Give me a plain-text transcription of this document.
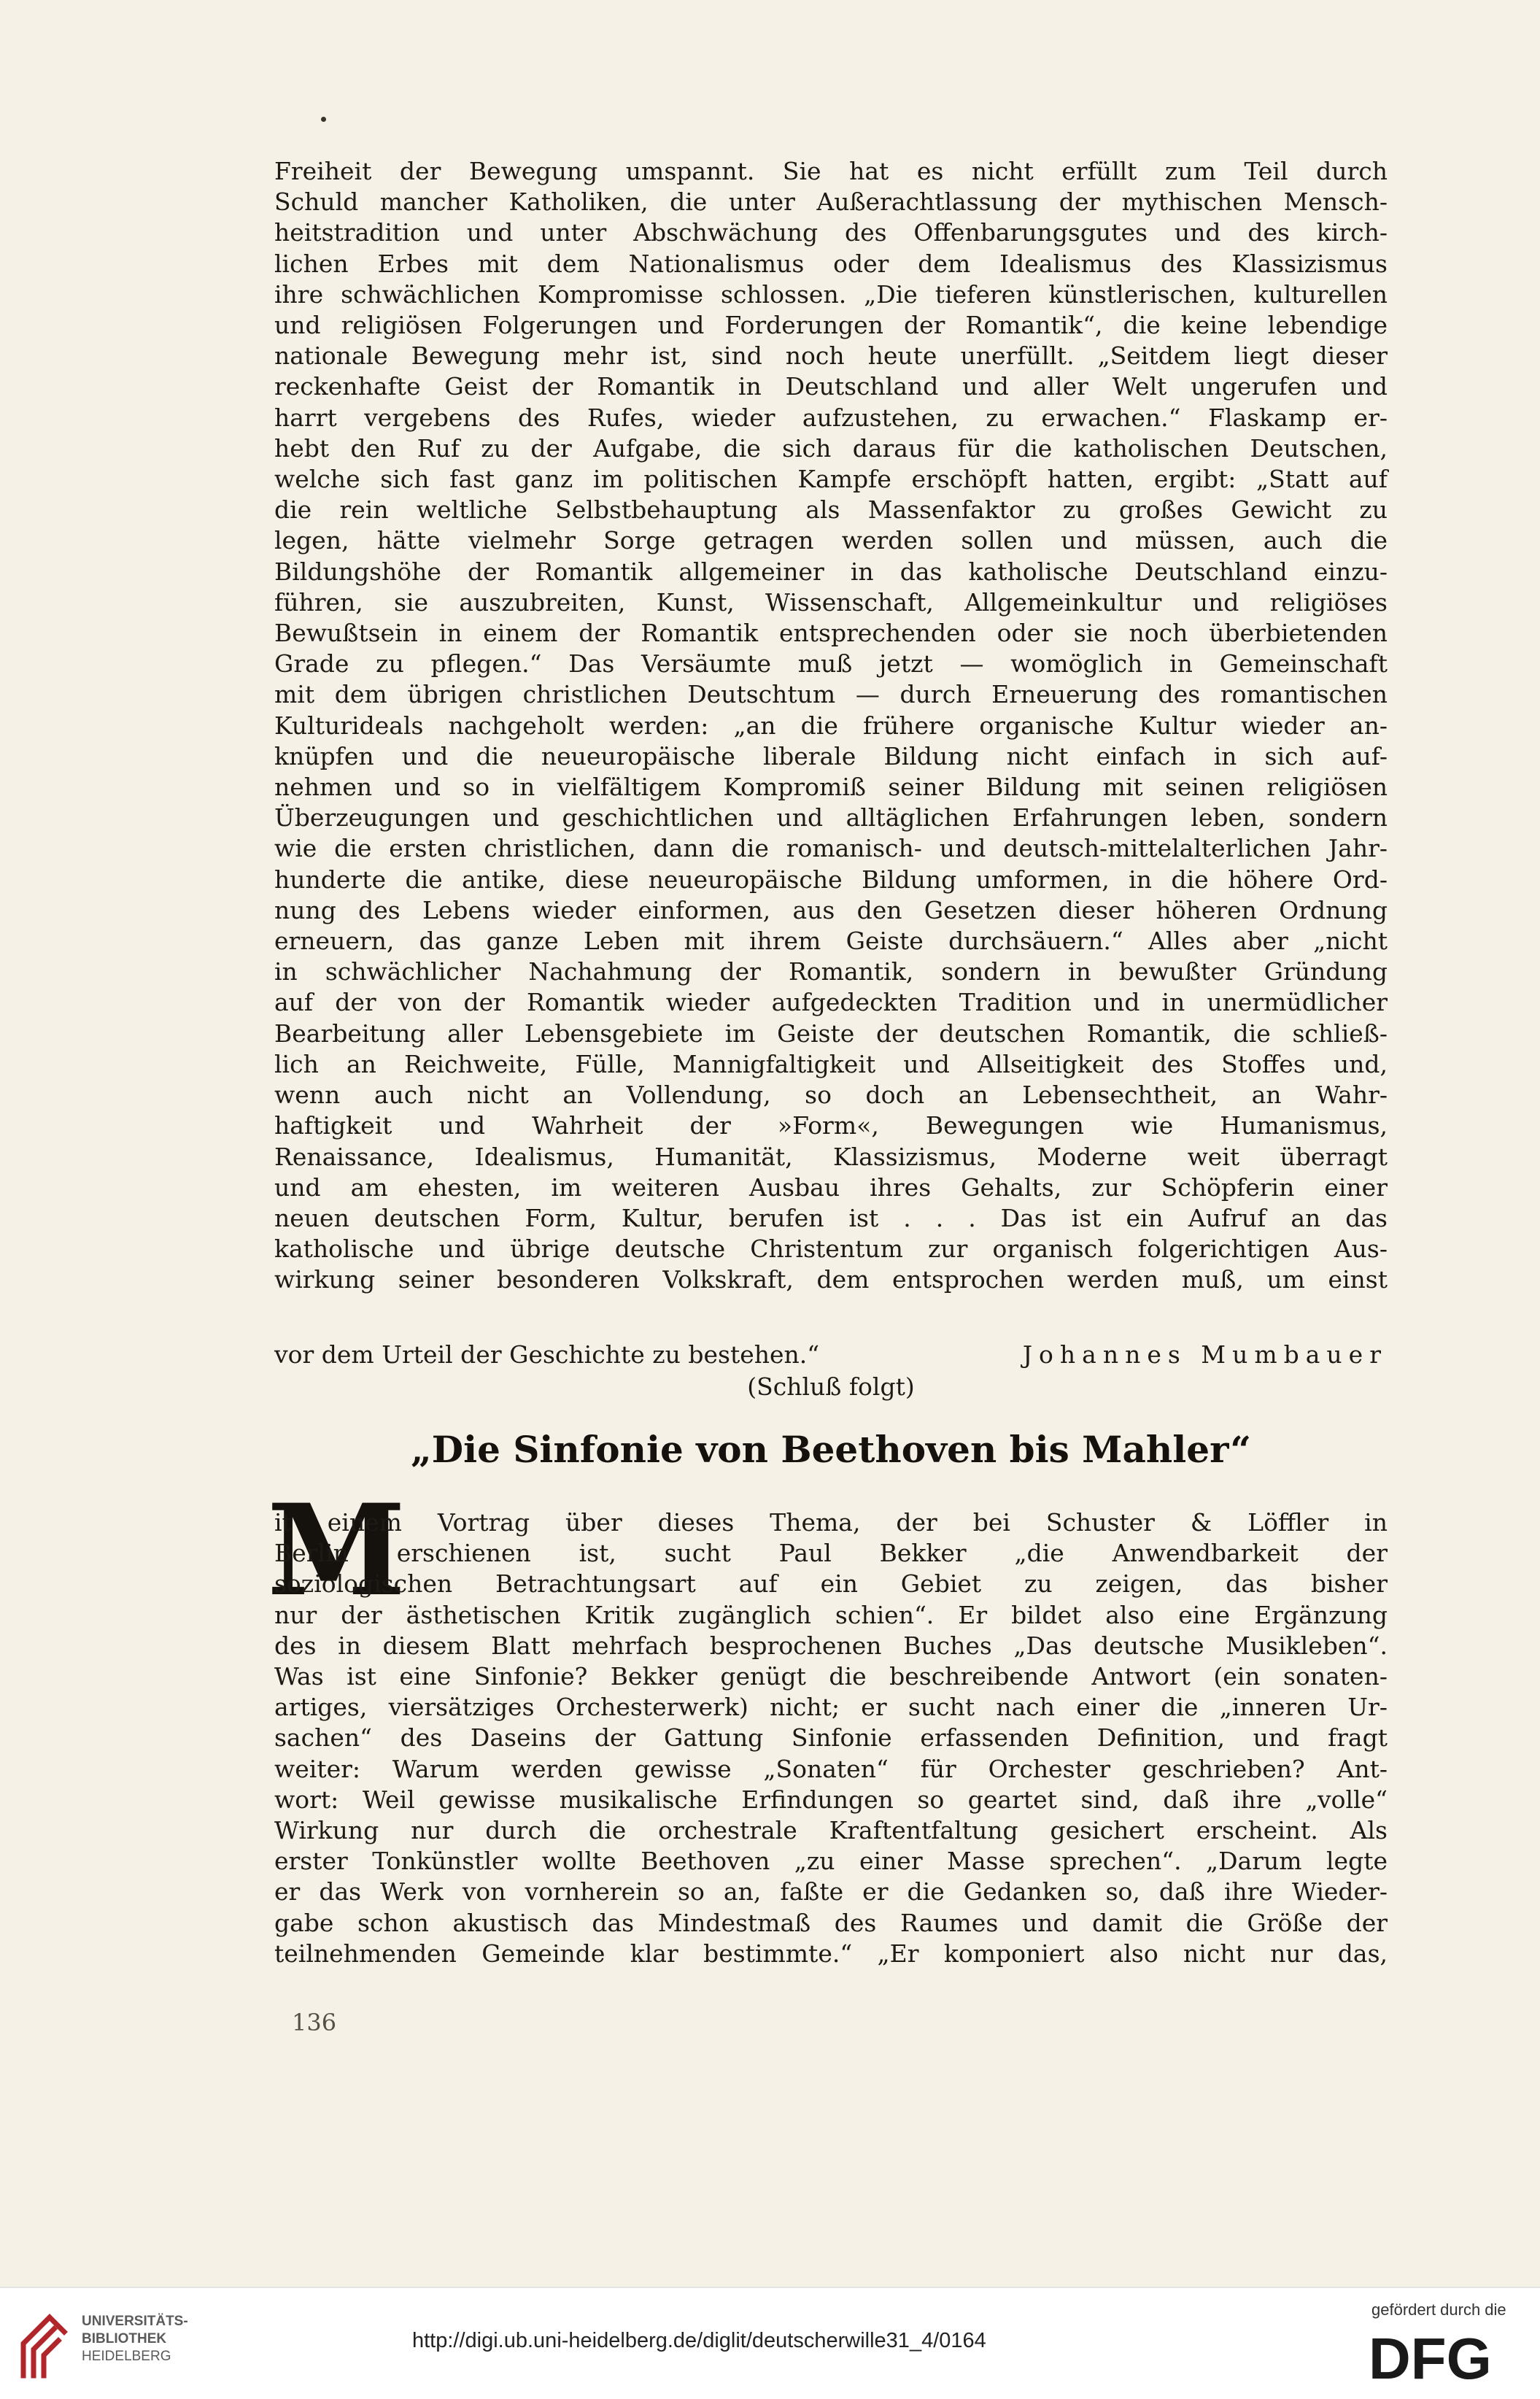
Freiheit der Bewegung umspannt. Sie hat es nicht erfüllt zum Teil durch
Schuld mancher Katholiken, die unter Außerachtlassung der mythischen Mensch-
heitstradition und unter Abschwächung des Offenbarungsgutes und des kirch-
lichen Erbes mit dem Nationalismus oder dem Idealismus des Klassizismus
ihre schwächlichen Kompromisse schlossen. „Die tieferen künstlerischen, kulturellen
und religiösen Folgerungen und Forderungen der Romantik“, die keine lebendige
nationale Bewegung mehr ist, sind noch heute unerfüllt. „Seitdem liegt dieser
reckenhafte Geist der Romantik in Deutschland und aller Welt ungerufen und
harrt vergebens des Rufes, wieder aufzustehen, zu erwachen.“ Flaskamp er-
hebt den Ruf zu der Aufgabe, die sich daraus für die katholischen Deutschen,
welche sich fast ganz im politischen Kampfe erschöpft hatten, ergibt: „Statt auf
die rein weltliche Selbstbehauptung als Massenfaktor zu großes Gewicht zu
legen, hätte vielmehr Sorge getragen werden sollen und müssen, auch die
Bildungshöhe der Romantik allgemeiner in das katholische Deutschland einzu-
führen, sie auszubreiten, Kunst, Wissenschaft, Allgemeinkultur und religiöses
Bewußtsein in einem der Romantik entsprechenden oder sie noch überbietenden
Grade zu pflegen.“ Das Versäumte muß jetzt — womöglich in Gemeinschaft
mit dem übrigen christlichen Deutschtum — durch Erneuerung des romantischen
Kulturideals nachgeholt werden: „an die frühere organische Kultur wieder an-
knüpfen und die neueuropäische liberale Bildung nicht einfach in sich auf-
nehmen und so in vielfältigem Kompromiß seiner Bildung mit seinen religiösen
Überzeugungen und geschichtlichen und alltäglichen Erfahrungen leben, sondern
wie die ersten christlichen, dann die romanisch- und deutsch-mittelalterlichen Jahr-
hunderte die antike, diese neueuropäische Bildung umformen, in die höhere Ord-
nung des Lebens wieder einformen, aus den Gesetzen dieser höheren Ordnung
erneuern, das ganze Leben mit ihrem Geiste durchsäuern.“ Alles aber „nicht
in schwächlicher Nachahmung der Romantik, sondern in bewußter Gründung
auf der von der Romantik wieder aufgedeckten Tradition und in unermüdlicher
Bearbeitung aller Lebensgebiete im Geiste der deutschen Romantik, die schließ-
lich an Reichweite, Fülle, Mannigfaltigkeit und Allseitigkeit des Stoffes und,
wenn auch nicht an Vollendung, so doch an Lebensechtheit, an Wahr-
haftigkeit und Wahrheit der »Form«, Bewegungen wie Humanismus,
Renaissance, Idealismus, Humanität, Klassizismus, Moderne weit überragt
und am ehesten, im weiteren Ausbau ihres Gehalts, zur Schöpferin einer
neuen deutschen Form, Kultur, berufen ist . . . Das ist ein Aufruf an das
katholische und übrige deutsche Christentum zur organisch folgerichtigen Aus-
wirkung seiner besonderen Volkskraft, dem entsprochen werden muß, um einst

vor dem Urteil der Geschichte zu bestehen.“	Johannes Mumbauer
(Schluß folgt)
„Die Sinfonie von Beethoven bis Mahler“
M

it einem Vortrag über dieses Thema, der bei Schuster & Löffler in
Berlin erschienen ist, sucht Paul Bekker „die Anwendbarkeit der
soziologischen Betrachtungsart auf ein Gebiet zu zeigen, das bisher
nur der ästhetischen Kritik zugänglich schien“. Er bildet also eine Ergänzung
des in diesem Blatt mehrfach besprochenen Buches „Das deutsche Musikleben“.
Was ist eine Sinfonie? Bekker genügt die beschreibende Antwort (ein sonaten-
artiges, viersätziges Orchesterwerk) nicht; er sucht nach einer die „inneren Ur-
sachen“ des Daseins der Gattung Sinfonie erfassenden Definition, und fragt
weiter: Warum werden gewisse „Sonaten“ für Orchester geschrieben? Ant-
wort: Weil gewisse musikalische Erfindungen so geartet sind, daß ihre „volle“
Wirkung nur durch die orchestrale Kraftentfaltung gesichert erscheint. Als
erster Tonkünstler wollte Beethoven „zu einer Masse sprechen“. „Darum legte
er das Werk von vornherein so an, faßte er die Gedanken so, daß ihre Wieder-
gabe schon akustisch das Mindestmaß des Raumes und damit die Größe der
teilnehmenden Gemeinde klar bestimmte.“ „Er komponiert also nicht nur das,

136
UNIVERSITÄTS-
BIBLIOTHEK
HEIDELBERG
http://digi.ub.uni-heidelberg.de/diglit/deutscherwille31_4/0164
gefördert durch die
DFG
